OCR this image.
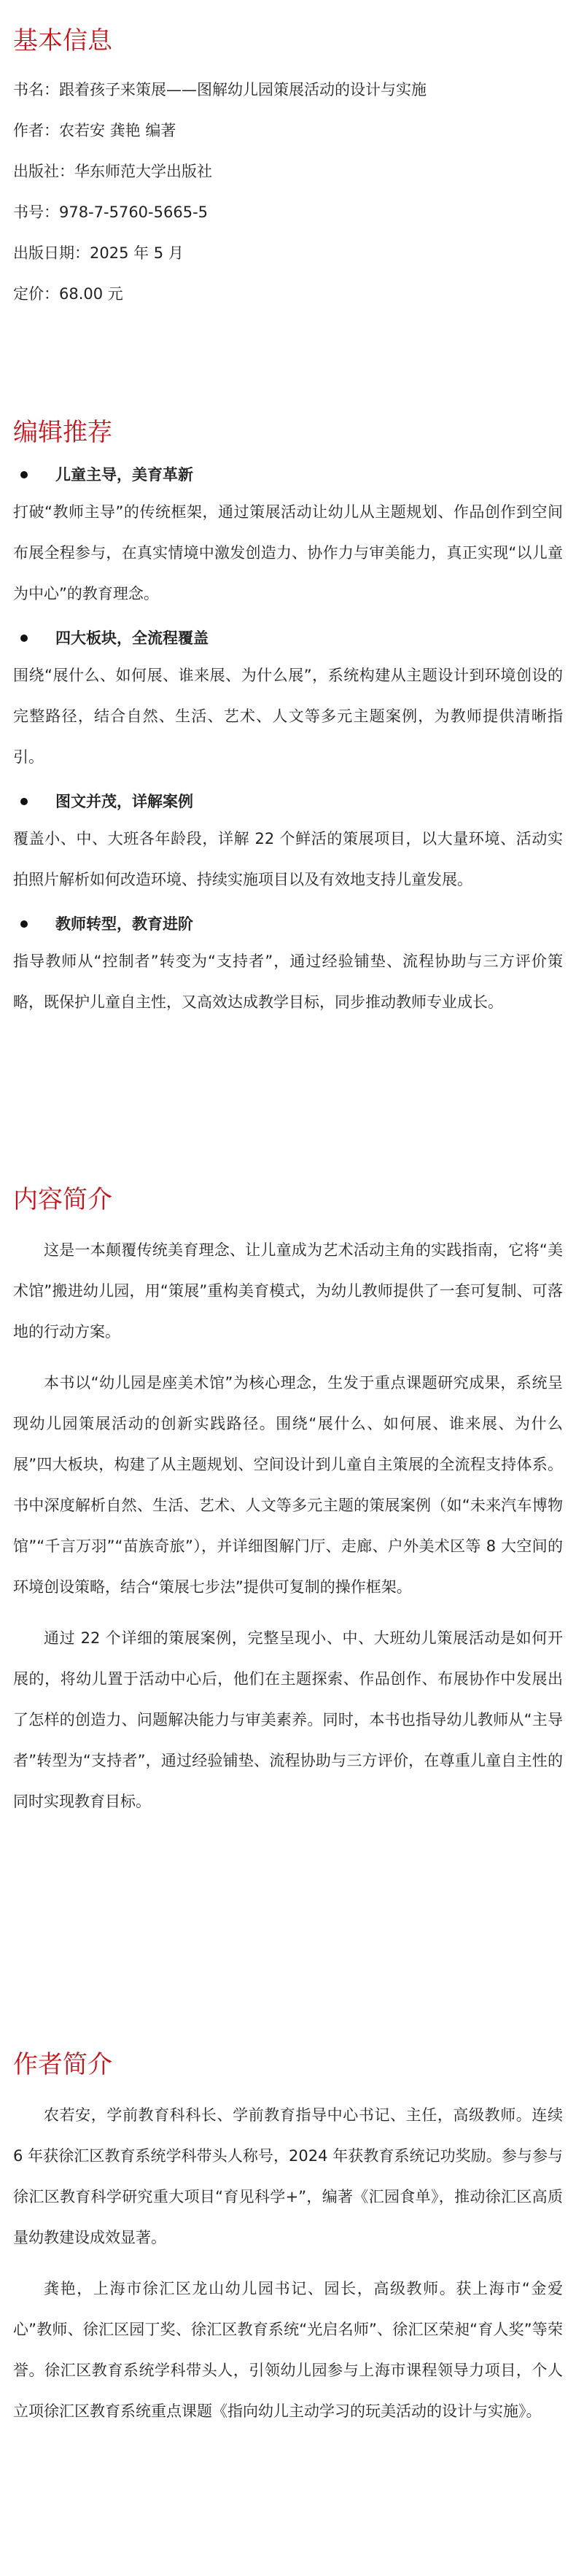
基本信息

书名：跟着孩子来策展——图解幼儿园策展活动的设计与实施

作者：农若安 龚艳 编著

出版社：华东师范大学出版社

书号：978-7-5760-5665-5

出版日期：2025 年 5 月

定价：68.00 元

编辑推荐

儿童主导，美育革新

打破“教师主导”的传统框架，通过策展活动让幼儿从主题规划、作品创作到空间布展全程参与，在真实情境中激发创造力、协作力与审美能力，真正实现“以儿童为中心”的教育理念。

四大板块，全流程覆盖

围绕“展什么、如何展、谁来展、为什么展”，系统构建从主题设计到环境创设的完整路径，结合自然、生活、艺术、人文等多元主题案例，为教师提供清晰指引。

图文并茂，详解案例

覆盖小、中、大班各年龄段，详解 22 个鲜活的策展项目，以大量环境、活动实拍照片解析如何改造环境、持续实施项目以及有效地支持儿童发展。

教师转型，教育进阶

指导教师从“控制者”转变为“支持者”，通过经验铺垫、流程协助与三方评价策略，既保护儿童自主性，又高效达成教学目标，同步推动教师专业成长。

内容简介

这是一本颠覆传统美育理念、让儿童成为艺术活动主角的实践指南，它将“美术馆”搬进幼儿园，用“策展”重构美育模式，为幼儿教师提供了一套可复制、可落地的行动方案。

本书以“幼儿园是座美术馆”为核心理念，生发于重点课题研究成果，系统呈现幼儿园策展活动的创新实践路径。围绕“展什么、如何展、谁来展、为什么展”四大板块，构建了从主题规划、空间设计到儿童自主策展的全流程支持体系。书中深度解析自然、生活、艺术、人文等多元主题的策展案例（如“未来汽车博物馆”“千言万羽”“苗族奇旅”），并详细图解门厅、走廊、户外美术区等 8 大空间的环境创设策略，结合“策展七步法”提供可复制的操作框架。

通过 22 个详细的策展案例，完整呈现小、中、大班幼儿策展活动是如何开展的，将幼儿置于活动中心后，他们在主题探索、作品创作、布展协作中发展出了怎样的创造力、问题解决能力与审美素养。同时，本书也指导幼儿教师从“主导者”转型为“支持者”，通过经验铺垫、流程协助与三方评价，在尊重儿童自主性的同时实现教育目标。

作者简介

农若安，学前教育科科长、学前教育指导中心书记、主任，高级教师。连续 6 年获徐汇区教育系统学科带头人称号，2024 年获教育系统记功奖励。参与参与徐汇区教育科学研究重大项目“育见科学+”，编著《汇园食单》，推动徐汇区高质量幼教建设成效显著。

龚艳，上海市徐汇区龙山幼儿园书记、园长，高级教师。获上海市“金爱心”教师、徐汇区园丁奖、徐汇区教育系统“光启名师”、徐汇区荣昶“育人奖”等荣誉。徐汇区教育系统学科带头人，引领幼儿园参与上海市课程领导力项目，个人立项徐汇区教育系统重点课题《指向幼儿主动学习的玩美活动的设计与实施》。
